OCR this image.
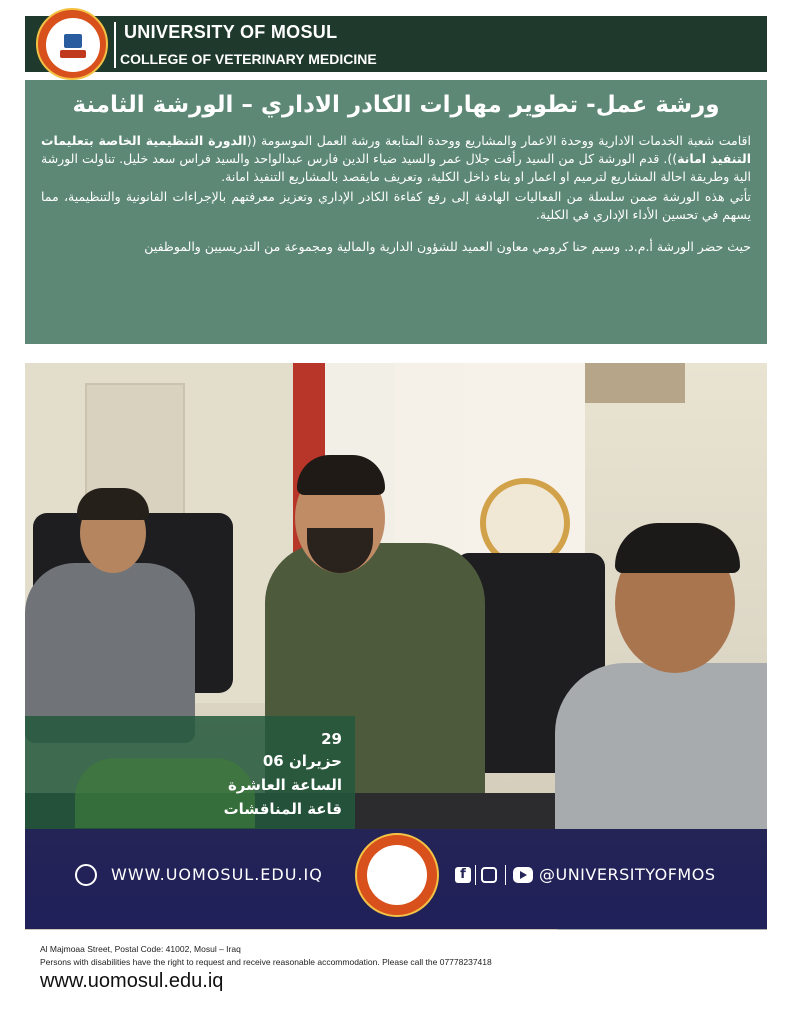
UNIVERSITY OF MOSUL
COLLEGE OF VETERINARY MEDICINE
ورشة عمل- تطوير مهارات الكادر الاداري – الورشة الثامنة
اقامت شعبة الخدمات الادارية ووحدة الاعمار والمشاريع ووحدة المتابعة ورشة العمل الموسومة ((الدورة التنظيمية الخاصة بتعليمات التنفيذ امانة)). قدم الورشة كل من السيد رأفت جلال عمر والسيد ضياء الدين فارس عبدالواحد والسيد فراس سعد خليل. تناولت الورشة الية وطريقة احالة المشاريع لترميم او اعمار او بناء داخل الكلية، وتعريف مايقصد بالمشاريع التنفيذ امانة.
تأتي هذه الورشة ضمن سلسلة من الفعاليات الهادفة إلى رفع كفاءة الكادر الإداري وتعزيز معرفتهم بالإجراءات القانونية والتنظيمية، مما يسهم في تحسين الأداء الإداري في الكلية.
حيث حضر الورشة أ.م.د. وسيم حنا كرومي معاون العميد للشؤون الدارية والمالية ومجموعة من التدريسيين والموظفين
29
حزيران 06
الساعة العاشرة
قاعة المناقشات
WWW.UOMOSUL.EDU.IQ	f	@UNIVERSITYOFMOS
Al Majmoaa Street, Postal Code: 41002, Mosul – Iraq
Persons with disabilities have the right to request and receive reasonable accommodation. Please call the 07778237418
www.uomosul.edu.iq
